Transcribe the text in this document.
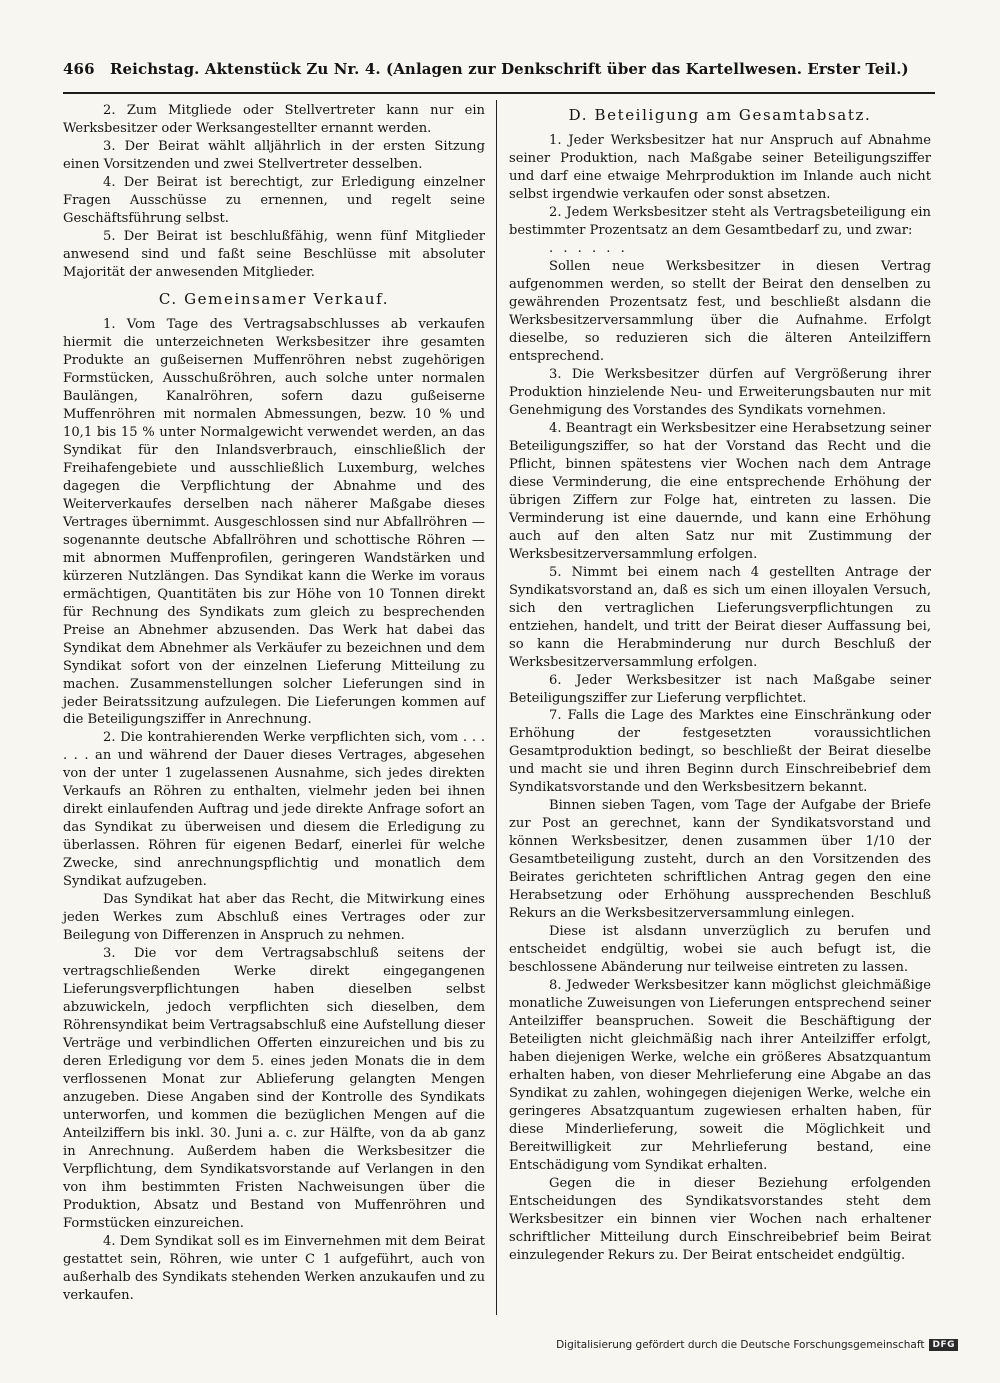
466 Reichstag. Aktenstück Zu Nr. 4. (Anlagen zur Denkschrift über das Kartellwesen. Erster Teil.)

2. Zum Mitgliede oder Stellvertreter kann nur ein Werksbesitzer oder Werksangestellter ernannt werden.

3. Der Beirat wählt alljährlich in der ersten Sitzung einen Vorsitzenden und zwei Stellvertreter desselben.

4. Der Beirat ist berechtigt, zur Erledigung einzelner Fragen Ausschüsse zu ernennen, und regelt seine Geschäftsführung selbst.

5. Der Beirat ist beschlußfähig, wenn fünf Mitglieder anwesend sind und faßt seine Beschlüsse mit absoluter Majorität der anwesenden Mitglieder.

C. Gemeinsamer Verkauf.

1. Vom Tage des Vertragsabschlusses ab verkaufen hiermit die unterzeichneten Werksbesitzer ihre gesamten Produkte an gußeisernen Muffenröhren nebst zugehörigen Formstücken, Ausschußröhren, auch solche unter normalen Baulängen, Kanalröhren, sofern dazu gußeiserne Muffenröhren mit normalen Abmessungen, bezw. 10 % und 10,1 bis 15 % unter Normalgewicht verwendet werden, an das Syndikat für den Inlandsverbrauch, einschließlich der Freihafengebiete und ausschließlich Luxemburg, welches dagegen die Verpflichtung der Abnahme und des Weiterverkaufes derselben nach näherer Maßgabe dieses Vertrages übernimmt. Ausgeschlossen sind nur Abfallröhren — sogenannte deutsche Abfallröhren und schottische Röhren — mit abnormen Muffenprofilen, geringeren Wandstärken und kürzeren Nutzlängen. Das Syndikat kann die Werke im voraus ermächtigen, Quantitäten bis zur Höhe von 10 Tonnen direkt für Rechnung des Syndikats zum gleich zu besprechenden Preise an Abnehmer abzusenden. Das Werk hat dabei das Syndikat dem Abnehmer als Verkäufer zu bezeichnen und dem Syndikat sofort von der einzelnen Lieferung Mitteilung zu machen. Zusammenstellungen solcher Lieferungen sind in jeder Beiratssitzung aufzulegen. Die Lieferungen kommen auf die Beteiligungsziffer in Anrechnung.

2. Die kontrahierenden Werke verpflichten sich, vom . . . . . . an und während der Dauer dieses Vertrages, abgesehen von der unter 1 zugelassenen Ausnahme, sich jedes direkten Verkaufs an Röhren zu enthalten, vielmehr jeden bei ihnen direkt einlaufenden Auftrag und jede direkte Anfrage sofort an das Syndikat zu überweisen und diesem die Erledigung zu überlassen. Röhren für eigenen Bedarf, einerlei für welche Zwecke, sind anrechnungspflichtig und monatlich dem Syndikat aufzugeben.

Das Syndikat hat aber das Recht, die Mitwirkung eines jeden Werkes zum Abschluß eines Vertrages oder zur Beilegung von Differenzen in Anspruch zu nehmen.

3. Die vor dem Vertragsabschluß seitens der vertragschließenden Werke direkt eingegangenen Lieferungsverpflichtungen haben dieselben selbst abzuwickeln, jedoch verpflichten sich dieselben, dem Röhrensyndikat beim Vertragsabschluß eine Aufstellung dieser Verträge und verbindlichen Offerten einzureichen und bis zu deren Erledigung vor dem 5. eines jeden Monats die in dem verflossenen Monat zur Ablieferung gelangten Mengen anzugeben. Diese Angaben sind der Kontrolle des Syndikats unterworfen, und kommen die bezüglichen Mengen auf die Anteilziffern bis inkl. 30. Juni a. c. zur Hälfte, von da ab ganz in Anrechnung. Außerdem haben die Werksbesitzer die Verpflichtung, dem Syndikatsvorstande auf Verlangen in den von ihm bestimmten Fristen Nachweisungen über die Produktion, Absatz und Bestand von Muffenröhren und Formstücken einzureichen.

4. Dem Syndikat soll es im Einvernehmen mit dem Beirat gestattet sein, Röhren, wie unter C 1 aufgeführt, auch von außerhalb des Syndikats stehenden Werken anzukaufen und zu verkaufen.

D. Beteiligung am Gesamtabsatz.

1. Jeder Werksbesitzer hat nur Anspruch auf Abnahme seiner Produktion, nach Maßgabe seiner Beteiligungsziffer und darf eine etwaige Mehrproduktion im Inlande auch nicht selbst irgendwie verkaufen oder sonst absetzen.

2. Jedem Werksbesitzer steht als Vertragsbeteiligung ein bestimmter Prozentsatz an dem Gesamtbedarf zu, und zwar:

. . . . . .

Sollen neue Werksbesitzer in diesen Vertrag aufgenommen werden, so stellt der Beirat den denselben zu gewährenden Prozentsatz fest, und beschließt alsdann die Werksbesitzerversammlung über die Aufnahme. Erfolgt dieselbe, so reduzieren sich die älteren Anteilziffern entsprechend.

3. Die Werksbesitzer dürfen auf Vergrößerung ihrer Produktion hinzielende Neu- und Erweiterungsbauten nur mit Genehmigung des Vorstandes des Syndikats vornehmen.

4. Beantragt ein Werksbesitzer eine Herabsetzung seiner Beteiligungsziffer, so hat der Vorstand das Recht und die Pflicht, binnen spätestens vier Wochen nach dem Antrage diese Verminderung, die eine entsprechende Erhöhung der übrigen Ziffern zur Folge hat, eintreten zu lassen. Die Verminderung ist eine dauernde, und kann eine Erhöhung auch auf den alten Satz nur mit Zustimmung der Werksbesitzerversammlung erfolgen.

5. Nimmt bei einem nach 4 gestellten Antrage der Syndikatsvorstand an, daß es sich um einen illoyalen Versuch, sich den vertraglichen Lieferungsverpflichtungen zu entziehen, handelt, und tritt der Beirat dieser Auffassung bei, so kann die Herabminderung nur durch Beschluß der Werksbesitzerversammlung erfolgen.

6. Jeder Werksbesitzer ist nach Maßgabe seiner Beteiligungsziffer zur Lieferung verpflichtet.

7. Falls die Lage des Marktes eine Einschränkung oder Erhöhung der festgesetzten voraussichtlichen Gesamtproduktion bedingt, so beschließt der Beirat dieselbe und macht sie und ihren Beginn durch Einschreibebrief dem Syndikatsvorstande und den Werksbesitzern bekannt.

Binnen sieben Tagen, vom Tage der Aufgabe der Briefe zur Post an gerechnet, kann der Syndikatsvorstand und können Werksbesitzer, denen zusammen über 1/10 der Gesamtbeteiligung zusteht, durch an den Vorsitzenden des Beirates gerichteten schriftlichen Antrag gegen den eine Herabsetzung oder Erhöhung aussprechenden Beschluß Rekurs an die Werksbesitzerversammlung einlegen.

Diese ist alsdann unverzüglich zu berufen und entscheidet endgültig, wobei sie auch befugt ist, die beschlossene Abänderung nur teilweise eintreten zu lassen.

8. Jedweder Werksbesitzer kann möglichst gleichmäßige monatliche Zuweisungen von Lieferungen entsprechend seiner Anteilziffer beanspruchen. Soweit die Beschäftigung der Beteiligten nicht gleichmäßig nach ihrer Anteilziffer erfolgt, haben diejenigen Werke, welche ein größeres Absatzquantum erhalten haben, von dieser Mehrlieferung eine Abgabe an das Syndikat zu zahlen, wohingegen diejenigen Werke, welche ein geringeres Absatzquantum zugewiesen erhalten haben, für diese Minderlieferung, soweit die Möglichkeit und Bereitwilligkeit zur Mehrlieferung bestand, eine Entschädigung vom Syndikat erhalten.

Gegen die in dieser Beziehung erfolgenden Entscheidungen des Syndikatsvorstandes steht dem Werksbesitzer ein binnen vier Wochen nach erhaltener schriftlicher Mitteilung durch Einschreibebrief beim Beirat einzulegender Rekurs zu. Der Beirat entscheidet endgültig.

Digitalisierung gefördert durch die Deutsche Forschungsgemeinschaft DFG
